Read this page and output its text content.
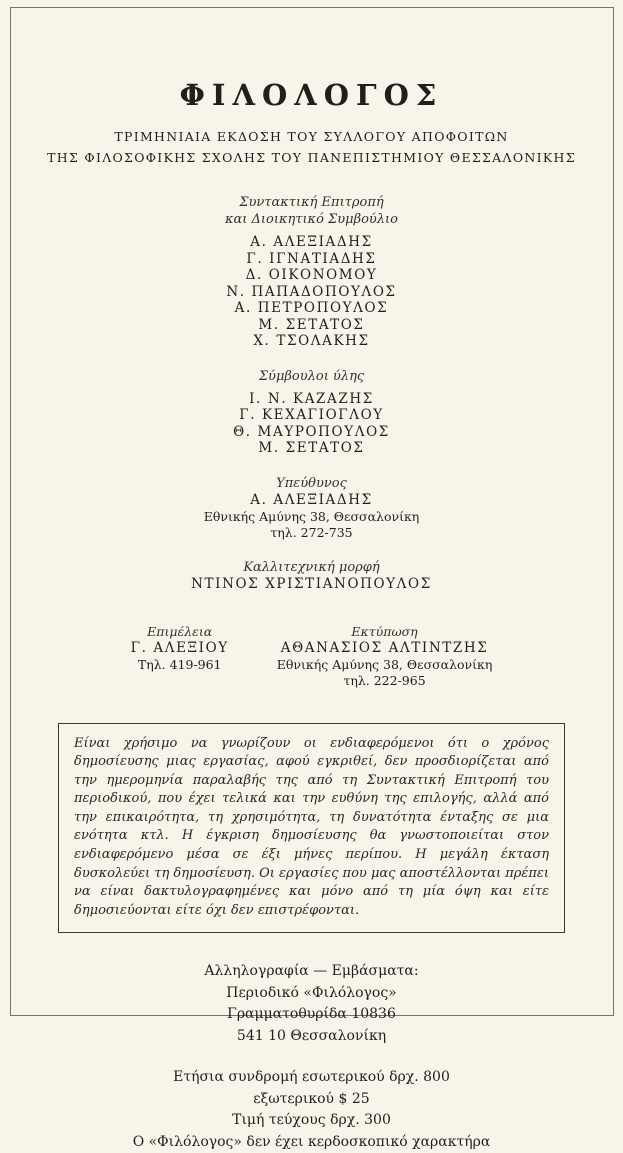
ΦΙΛΟΛΟΓΟΣ
ΤΡΙΜΗΝΙΑΙΑ ΕΚΔΟΣΗ ΤΟΥ ΣΥΛΛΟΓΟΥ ΑΠΟΦΟΙΤΩΝ
ΤΗΣ ΦΙΛΟΣΟΦΙΚΗΣ ΣΧΟΛΗΣ ΤΟΥ ΠΑΝΕΠΙΣΤΗΜΙΟΥ ΘΕΣΣΑΛΟΝΙΚΗΣ
Συντακτική Επιτροπή
και Διοικητικό Συμβούλιο
Α. ΑΛΕΞΙΑΔΗΣ
Γ. ΙΓΝΑΤΙΑΔΗΣ
Δ. ΟΙΚΟΝΟΜΟΥ
Ν. ΠΑΠΑΔΟΠΟΥΛΟΣ
Α. ΠΕΤΡΟΠΟΥΛΟΣ
Μ. ΣΕΤΑΤΟΣ
Χ. ΤΣΟΛΑΚΗΣ
Σύμβουλοι ύλης
Ι. Ν. ΚΑΖΑΖΗΣ
Γ. ΚΕΧΑΓΙΟΓΛΟΥ
Θ. ΜΑΥΡΟΠΟΥΛΟΣ
Μ. ΣΕΤΑΤΟΣ
Υπεύθυνος
Α. ΑΛΕΞΙΑΔΗΣ
Εθνικής Αμύνης 38, Θεσσαλονίκη
τηλ. 272-735
Καλλιτεχνική μορφή
ΝΤΙΝΟΣ ΧΡΙΣΤΙΑΝΟΠΟΥΛΟΣ
Επιμέλεια
Γ. ΑΛΕΞΙΟΥ
Τηλ. 419-961
Εκτύπωση
ΑΘΑΝΑΣΙΟΣ ΑΛΤΙΝΤΖΗΣ
Εθνικής Αμύνης 38, Θεσσαλονίκη
τηλ. 222-965
Είναι χρήσιμο να γνωρίζουν οι ενδιαφερόμενοι ότι ο χρόνος δημοσίευσης μιας εργασίας, αφού εγκριθεί, δεν προσδιορίζεται από την ημερομηνία παραλαβής της από τη Συντακτική Επιτροπή του περιοδικού, που έχει τελικά και την ευθύνη της επιλογής, αλλά από την επικαιρότητα, τη χρησιμότητα, τη δυνατότητα ένταξης σε μια ενότητα κτλ. Η έγκριση δημοσίευσης θα γνωστοποιείται στον ενδιαφερόμενο μέσα σε έξι μήνες περίπου. Η μεγάλη έκταση δυσκολεύει τη δημοσίευση. Οι εργασίες που μας αποστέλλονται πρέπει να είναι δακτυλογραφημένες και μόνο από τη μία όψη και είτε δημοσιεύονται είτε όχι δεν επιστρέφονται.
Αλληλογραφία — Εμβάσματα:
Περιοδικό «Φιλόλογος»
Γραμματοθυρίδα 10836
541 10 Θεσσαλονίκη
Ετήσια συνδρομή εσωτερικού δρχ. 800
εξωτερικού $ 25
Τιμή τεύχους δρχ. 300
Ο «Φιλόλογος» δεν έχει κερδοσκοπικό χαρακτήρα
